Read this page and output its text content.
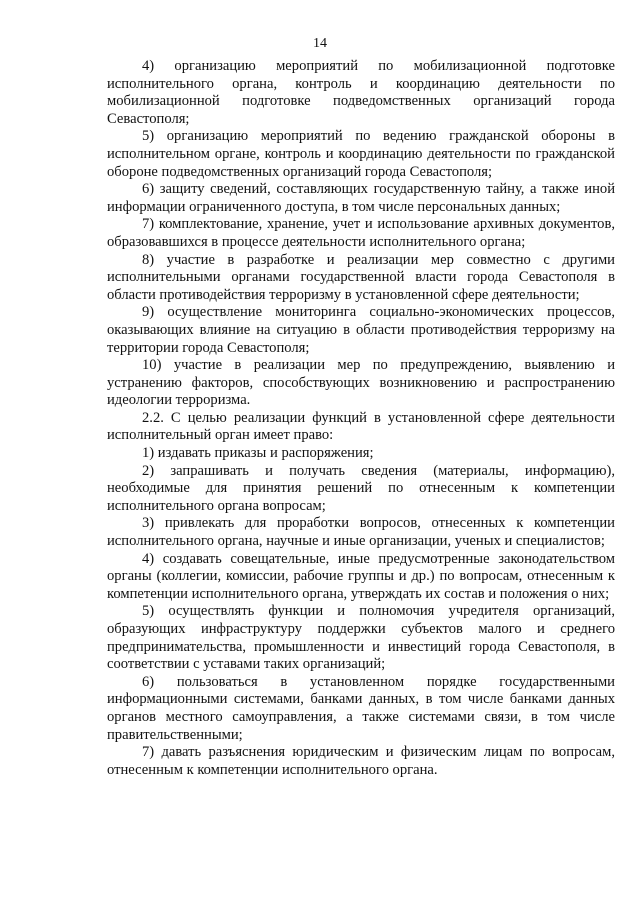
14

4) организацию мероприятий по мобилизационной подготовке исполнительного органа, контроль и координацию деятельности по мобилизационной подготовке подведомственных организаций города Севастополя;

5) организацию мероприятий по ведению гражданской обороны в исполнительном органе, контроль и координацию деятельности по гражданской обороне подведомственных организаций города Севастополя;

6) защиту сведений, составляющих государственную тайну, а также иной информации ограниченного доступа, в том числе персональных данных;

7) комплектование, хранение, учет и использование архивных документов, образовавшихся в процессе деятельности исполнительного органа;

8) участие в разработке и реализации мер совместно с другими исполнительными органами государственной власти города Севастополя в области противодействия терроризму в установленной сфере деятельности;

9) осуществление мониторинга социально-экономических процессов, оказывающих влияние на ситуацию в области противодействия терроризму на территории города Севастополя;

10) участие в реализации мер по предупреждению, выявлению и устранению факторов, способствующих возникновению и распространению идеологии терроризма.

2.2. С целью реализации функций в установленной сфере деятельности исполнительный орган имеет право:

1) издавать приказы и распоряжения;

2) запрашивать и получать сведения (материалы, информацию), необходимые для принятия решений по отнесенным к компетенции исполнительного органа вопросам;

3) привлекать для проработки вопросов, отнесенных к компетенции исполнительного органа, научные и иные организации, ученых и специалистов;

4) создавать совещательные, иные предусмотренные законодательством органы (коллегии, комиссии, рабочие группы и др.) по вопросам, отнесенным к компетенции исполнительного органа, утверждать их состав и положения о них;

5) осуществлять функции и полномочия учредителя организаций, образующих инфраструктуру поддержки субъектов малого и среднего предпринимательства, промышленности и инвестиций города Севастополя, в соответствии с уставами таких организаций;

6) пользоваться в установленном порядке государственными информационными системами, банками данных, в том числе банками данных органов местного самоуправления, а также системами связи, в том числе правительственными;

7) давать разъяснения юридическим и физическим лицам по вопросам, отнесенным к компетенции исполнительного органа.
